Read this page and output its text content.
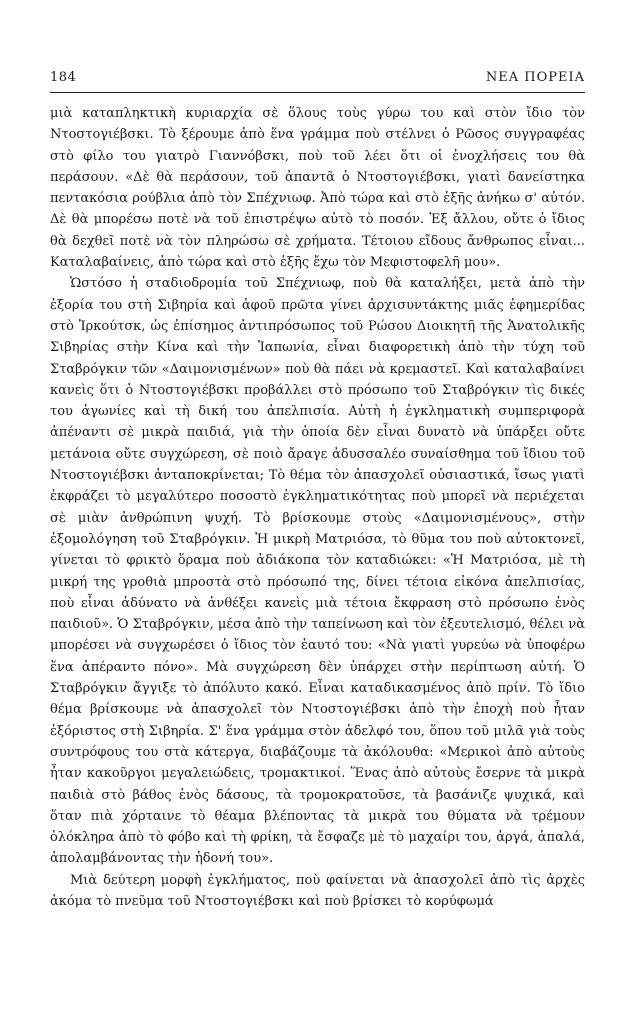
184	ΝΕΑ ΠΟΡΕΙΑ

μιὰ καταπληκτικὴ κυριαρχία σὲ ὅλους τοὺς γύρω του καὶ στὸν ἴδιο τὸν Ντοστογιέβσκι. Τὸ ξέρουμε ἀπὸ ἕνα γράμμα ποὺ στέλνει ὁ Ρῶσος συγγραφέας στὸ φίλο του γιατρὸ Γιαννόβσκι, ποὺ τοῦ λέει ὅτι οἱ ἐνοχλήσεις του θὰ περάσουν. «Δὲ θὰ περάσουν, τοῦ ἀπαντᾶ ὁ Ντοστογιέβσκι, γιατὶ δανείστηκα πεντακόσια ρούβλια ἀπὸ τὸν Σπέχνιωφ. Ἀπὸ τώρα καὶ στὸ ἑξῆς ἀνήκω σ' αὐτόν. Δὲ θὰ μπορέσω ποτὲ νὰ τοῦ ἐπιστρέψω αὐτὸ τὸ ποσόν. Ἐξ ἄλλου, οὔτε ὁ ἴδιος θὰ δεχθεῖ ποτὲ νὰ τὸν πληρώσω σὲ χρήματα. Τέτοιου εἴδους ἄνθρωπος εἶναι... Καταλαβαίνεις, ἀπὸ τώρα καὶ στὸ ἑξῆς ἔχω τὸν Μεφιστοφελῆ μου».

Ὡστόσο ἡ σταδιοδρομία τοῦ Σπέχνιωφ, ποὺ θὰ καταλήξει, μετὰ ἀπὸ τὴν ἐξορία του στὴ Σιβηρία καὶ ἀφοῦ πρῶτα γίνει ἀρχισυντάκτης μιᾶς ἐφημερίδας στὸ Ἰρκούτσκ, ὡς ἐπίσημος ἀντιπρόσωπος τοῦ Ρώσου Διοικητῆ τῆς Ἀνατολικῆς Σιβηρίας στὴν Κίνα καὶ τὴν Ἰαπωνία, εἶναι διαφορετικὴ ἀπὸ τὴν τύχη τοῦ Σταβρόγκιν τῶν «Δαιμονισμένων» ποὺ θὰ πάει νὰ κρεμαστεῖ. Καὶ καταλαβαίνει κανεὶς ὅτι ὁ Ντοστογιέβσκι προβάλλει στὸ πρόσωπο τοῦ Σταβρόγκιν τὶς δικές του ἀγωνίες καὶ τὴ δική του ἀπελπισία. Αὐτὴ ἡ ἐγκληματικὴ συμπεριφορὰ ἀπέναντι σὲ μικρὰ παιδιά, γιὰ τὴν ὁποία δὲν εἶναι δυνατὸ νὰ ὑπάρξει οὔτε μετάνοια οὔτε συγχώρεση, σὲ ποιὸ ἄραγε ἀδυσσαλέο συναίσθημα τοῦ ἴδιου τοῦ Ντοστογιέβσκι ἀνταποκρίνεται; Τὸ θέμα τὸν ἀπασχολεῖ οὐσιαστικά, ἴσως γιατὶ ἐκφράζει τὸ μεγαλύτερο ποσοστὸ ἐγκληματικότητας ποὺ μπορεῖ νὰ περιέχεται σὲ μιὰν ἀνθρώπινη ψυχή. Τὸ βρίσκουμε στοὺς «Δαιμονισμένους», στὴν ἐξομολόγηση τοῦ Σταβρόγκιν. Ἡ μικρὴ Ματριόσα, τὸ θῦμα του ποὺ αὐτοκτονεῖ, γίνεται τὸ φρικτὸ ὅραμα ποὺ ἀδιάκοπα τὸν καταδιώκει: «Ἡ Ματριόσα, μὲ τὴ μικρή της γροθιὰ μπροστὰ στὸ πρόσωπό της, δίνει τέτοια εἰκόνα ἀπελπισίας, ποὺ εἶναι ἀδύνατο νὰ ἀνθέξει κανεὶς μιὰ τέτοια ἔκφραση στὸ πρόσωπο ἑνὸς παιδιοῦ». Ὁ Σταβρόγκιν, μέσα ἀπὸ τὴν ταπείνωση καὶ τὸν ἐξευτελισμό, θέλει νὰ μπορέσει νὰ συγχωρέσει ὁ ἴδιος τὸν ἑαυτό του: «Νὰ γιατὶ γυρεύω νὰ ὑποφέρω ἕνα ἀπέραντο πόνο». Μὰ συγχώρεση δὲν ὑπάρχει στὴν περίπτωση αὐτή. Ὁ Σταβρόγκιν ἄγγιξε τὸ ἀπόλυτο κακό. Εἶναι καταδικασμένος ἀπὸ πρίν. Τὸ ἴδιο θέμα βρίσκουμε νὰ ἀπασχολεῖ τὸν Ντοστογιέβσκι ἀπὸ τὴν ἐποχὴ ποὺ ἦταν ἐξόριστος στὴ Σιβηρία. Σ' ἕνα γράμμα στὸν ἀδελφό του, ὅπου τοῦ μιλᾶ γιὰ τοὺς συντρόφους του στὰ κάτεργα, διαβάζουμε τὰ ἀκόλουθα: «Μερικοὶ ἀπὸ αὐτοὺς ἦταν κακοῦργοι μεγαλειώδεις, τρομακτικοί. Ἕνας ἀπὸ αὐτοὺς ἔσερνε τὰ μικρὰ παιδιὰ στὸ βάθος ἑνὸς δάσους, τὰ τρομοκρατοῦσε, τὰ βασάνιζε ψυχικά, καὶ ὅταν πιὰ χόρταινε τὸ θέαμα βλέποντας τὰ μικρὰ του θύματα νὰ τρέμουν ὁλόκληρα ἀπὸ τὸ φόβο καὶ τὴ φρίκη, τὰ ἔσφαζε μὲ τὸ μαχαίρι του, ἀργά, ἀπαλά, ἀπολαμβάνοντας τὴν ἡδονή του».

Μιὰ δεύτερη μορφὴ ἐγκλήματος, ποὺ φαίνεται νὰ ἀπασχολεῖ ἀπὸ τὶς ἀρχὲς ἀκόμα τὸ πνεῦμα τοῦ Ντοστογιέβσκι καὶ ποὺ βρίσκει τὸ κορύφωμά
